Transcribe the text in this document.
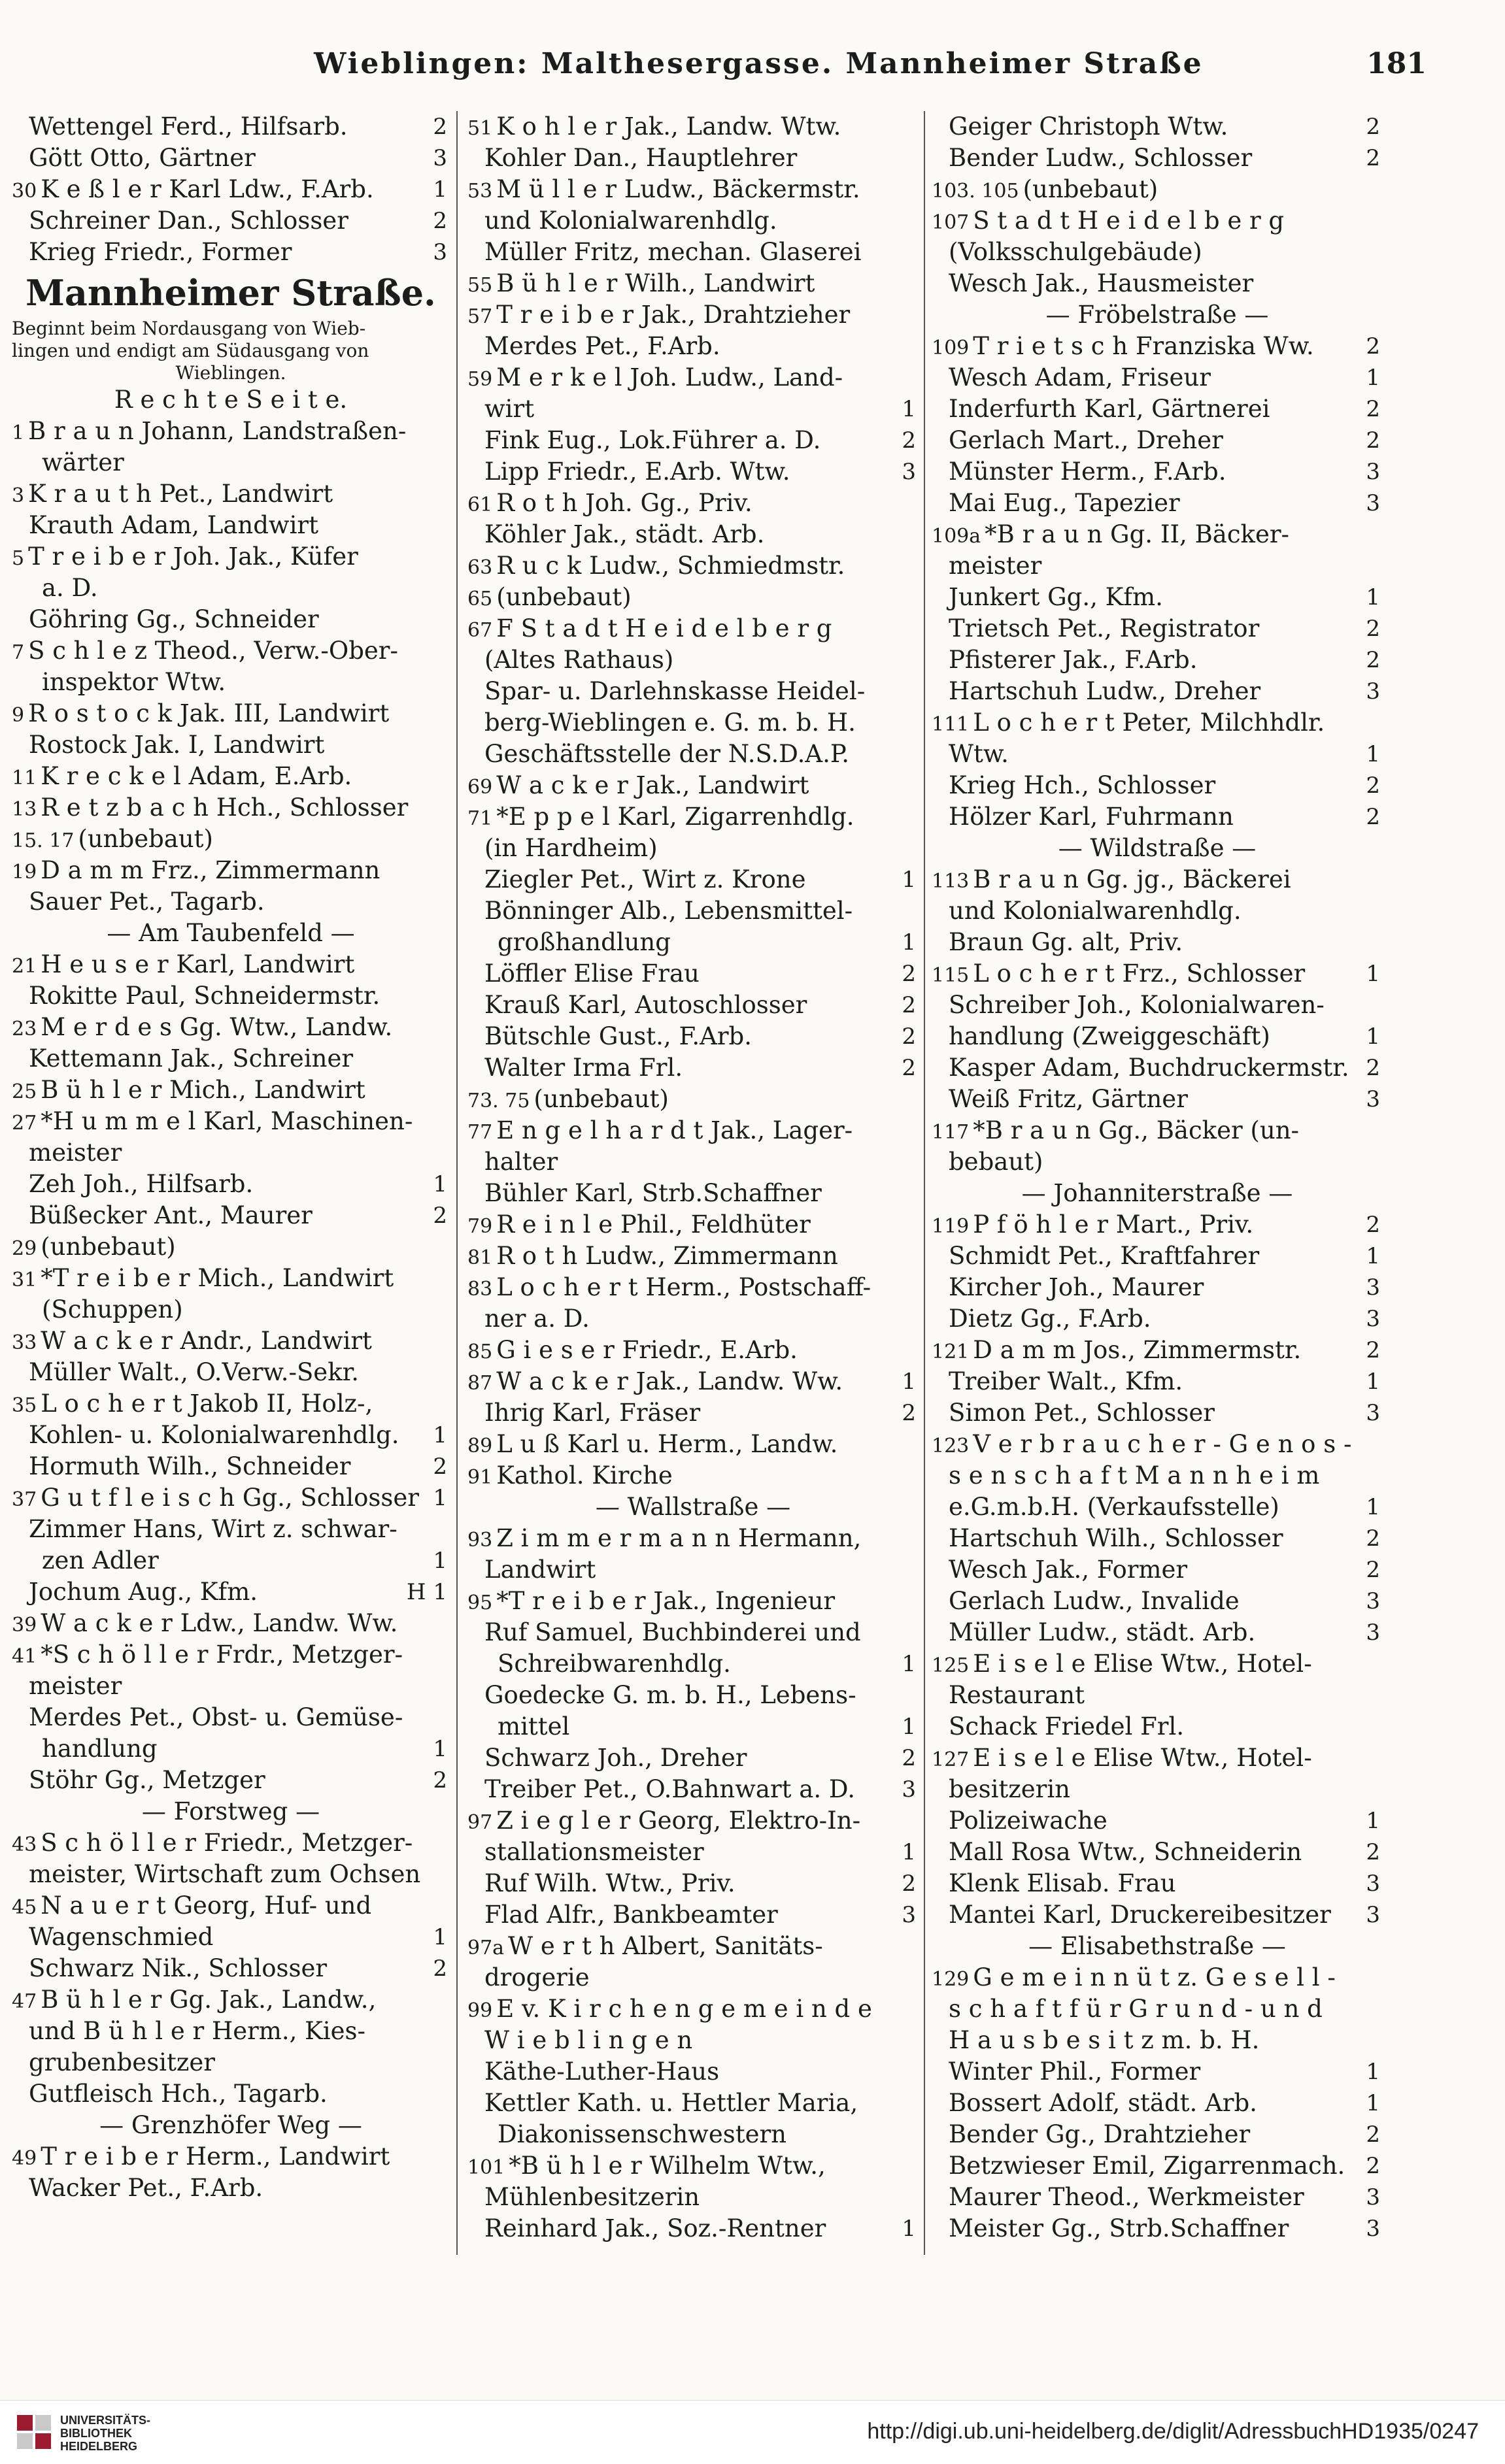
Wieblingen: Malthesergasse. Mannheimer Straße	181
Wettengel Ferd., Hilfsarb.	2
Gött Otto, Gärtner	3
30 K e ß l e r Karl Ldw., F.Arb.	1
Schreiner Dan., Schlosser	2
Krieg Friedr., Former	3
Mannheimer Straße.
Beginnt beim Nordausgang von Wieb-
lingen und endigt am Südausgang von
Wieblingen.
R e c h t e S e i t e.
1 B r a u n Johann, Landstraßen-
wärter
3 K r a u t h Pet., Landwirt
Krauth Adam, Landwirt
5 T r e i b e r Joh. Jak., Küfer
a. D.
Göhring Gg., Schneider
7 S c h l e z Theod., Verw.-Ober-
inspektor Wtw.
9 R o s t o c k Jak. III, Landwirt
Rostock Jak. I, Landwirt
11 K r e c k e l Adam, E.Arb.
13 R e t z b a c h Hch., Schlosser
15. 17 (unbebaut)
19 D a m m Frz., Zimmermann
Sauer Pet., Tagarb.
— Am Taubenfeld —
21 H e u s e r Karl, Landwirt
Rokitte Paul, Schneidermstr.
23 M e r d e s Gg. Wtw., Landw.
Kettemann Jak., Schreiner
25 B ü h l e r Mich., Landwirt
27 *H u m m e l Karl, Maschinen-
meister
Zeh Joh., Hilfsarb.	1
Büßecker Ant., Maurer	2
29 (unbebaut)
31 *T r e i b e r Mich., Landwirt
(Schuppen)
33 W a c k e r Andr., Landwirt
Müller Walt., O.Verw.-Sekr.
35 L o c h e r t Jakob II, Holz-,
Kohlen- u. Kolonialwarenhdlg. 1
Hormuth Wilh., Schneider	2
37 G u t f l e i s c h Gg., Schlosser 1
Zimmer Hans, Wirt z. schwar-
zen Adler	1
Jochum Aug., Kfm.	H 1
39 W a c k e r Ldw., Landw. Ww.
41 *S c h ö l l e r Frdr., Metzger-
meister
Merdes Pet., Obst- u. Gemüse-
handlung	1
Stöhr Gg., Metzger	2
— Forstweg —
43 S c h ö l l e r Friedr., Metzger-
meister, Wirtschaft zum Ochsen
45 N a u e r t Georg, Huf- und
Wagenschmied	1
Schwarz Nik., Schlosser	2
47 B ü h l e r Gg. Jak., Landw.,
und B ü h l e r Herm., Kies-
grubenbesitzer
Gutfleisch Hch., Tagarb.
— Grenzhöfer Weg —
49 T r e i b e r Herm., Landwirt
Wacker Pet., F.Arb.
51 K o h l e r Jak., Landw. Wtw.
Kohler Dan., Hauptlehrer
53 M ü l l e r Ludw., Bäckermstr.
und Kolonialwarenhdlg.
Müller Fritz, mechan. Glaserei
55 B ü h l e r Wilh., Landwirt
57 T r e i b e r Jak., Drahtzieher
Merdes Pet., F.Arb.
59 M e r k e l Joh. Ludw., Land-
wirt	1
Fink Eug., Lok.Führer a. D.	2
Lipp Friedr., E.Arb. Wtw.	3
61 R o t h Joh. Gg., Priv.
Köhler Jak., städt. Arb.
63 R u c k Ludw., Schmiedmstr.
65 (unbebaut)
67 F S t a d t H e i d e l b e r g
(Altes Rathaus)
Spar- u. Darlehnskasse Heidel-
berg-Wieblingen e. G. m. b. H.
Geschäftsstelle der N.S.D.A.P.
69 W a c k e r Jak., Landwirt
71 *E p p e l Karl, Zigarrenhdlg.
(in Hardheim)
Ziegler Pet., Wirt z. Krone	1
Bönninger Alb., Lebensmittel-
großhandlung	1
Löffler Elise Frau	2
Krauß Karl, Autoschlosser	2
Bütschle Gust., F.Arb.	2
Walter Irma Frl.	2
73. 75 (unbebaut)
77 E n g e l h a r d t Jak., Lager-
halter
Bühler Karl, Strb.Schaffner
79 R e i n l e Phil., Feldhüter
81 R o t h Ludw., Zimmermann
83 L o c h e r t Herm., Postschaff-
ner a. D.
85 G i e s e r Friedr., E.Arb.
87 W a c k e r Jak., Landw. Ww.	1
Ihrig Karl, Fräser	2
89 L u ß Karl u. Herm., Landw.
91 Kathol. Kirche
— Wallstraße —
93 Z i m m e r m a n n Hermann,
Landwirt
95 *T r e i b e r Jak., Ingenieur
Ruf Samuel, Buchbinderei und
Schreibwarenhdlg.	1
Goedecke G. m. b. H., Lebens-
mittel	1
Schwarz Joh., Dreher	2
Treiber Pet., O.Bahnwart a. D. 3
97 Z i e g l e r Georg, Elektro-In-
stallationsmeister	1
Ruf Wilh. Wtw., Priv.	2
Flad Alfr., Bankbeamter	3
97a W e r t h Albert, Sanitäts-
drogerie
99 E v. K i r c h e n g e m e i n d e
W i e b l i n g e n
Käthe-Luther-Haus
Kettler Kath. u. Hettler Maria,
Diakonissenschwestern
101 *B ü h l e r Wilhelm Wtw.,
Mühlenbesitzerin
Reinhard Jak., Soz.-Rentner	1
Geiger Christoph Wtw.	2
Bender Ludw., Schlosser	2
103. 105 (unbebaut)
107 S t a d t H e i d e l b e r g
(Volksschulgebäude)
Wesch Jak., Hausmeister
— Fröbelstraße —
109 T r i e t s c h Franziska Ww. 2
Wesch Adam, Friseur	1
Inderfurth Karl, Gärtnerei	2
Gerlach Mart., Dreher	2
Münster Herm., F.Arb.	3
Mai Eug., Tapezier	3
109a *B r a u n Gg. II, Bäcker-
meister
Junkert Gg., Kfm.	1
Trietsch Pet., Registrator	2
Pfisterer Jak., F.Arb.	2
Hartschuh Ludw., Dreher	3
111 L o c h e r t Peter, Milchhdlr.
Wtw.	1
Krieg Hch., Schlosser	2
Hölzer Karl, Fuhrmann	2
— Wildstraße —
113 B r a u n Gg. jg., Bäckerei
und Kolonialwarenhdlg.
Braun Gg. alt, Priv.
115 L o c h e r t Frz., Schlosser	1
Schreiber Joh., Kolonialwaren-
handlung (Zweiggeschäft)	1
Kasper Adam, Buchdruckermstr. 2
Weiß Fritz, Gärtner	3
117 *B r a u n Gg., Bäcker (un-
bebaut)
— Johanniterstraße —
119 P f ö h l e r Mart., Priv.	2
Schmidt Pet., Kraftfahrer	1
Kircher Joh., Maurer	3
Dietz Gg., F.Arb.	3
121 D a m m Jos., Zimmermstr.	2
Treiber Walt., Kfm.	1
Simon Pet., Schlosser	3
123 V e r b r a u c h e r - G e n o s -
s e n s c h a f t M a n n h e i m
e.G.m.b.H. (Verkaufsstelle)	1
Hartschuh Wilh., Schlosser	2
Wesch Jak., Former	2
Gerlach Ludw., Invalide	3
Müller Ludw., städt. Arb.	3
125 E i s e l e Elise Wtw., Hotel-
Restaurant
Schack Friedel Frl.
127 E i s e l e Elise Wtw., Hotel-
besitzerin
Polizeiwache	1
Mall Rosa Wtw., Schneiderin	2
Klenk Elisab. Frau	3
Mantei Karl, Druckereibesitzer 3
— Elisabethstraße —
129 G e m e i n n ü t z. G e s e l l -
s c h a f t f ü r G r u n d - u n d
H a u s b e s i t z m. b. H.
Winter Phil., Former	1
Bossert Adolf, städt. Arb.	1
Bender Gg., Drahtzieher	2
Betzwieser Emil, Zigarrenmach. 2
Maurer Theod., Werkmeister	3
Meister Gg., Strb.Schaffner	3
UNIVERSITÄTS-
BIBLIOTHEK
HEIDELBERG
http://digi.ub.uni-heidelberg.de/diglit/AdressbuchHD1935/0247
